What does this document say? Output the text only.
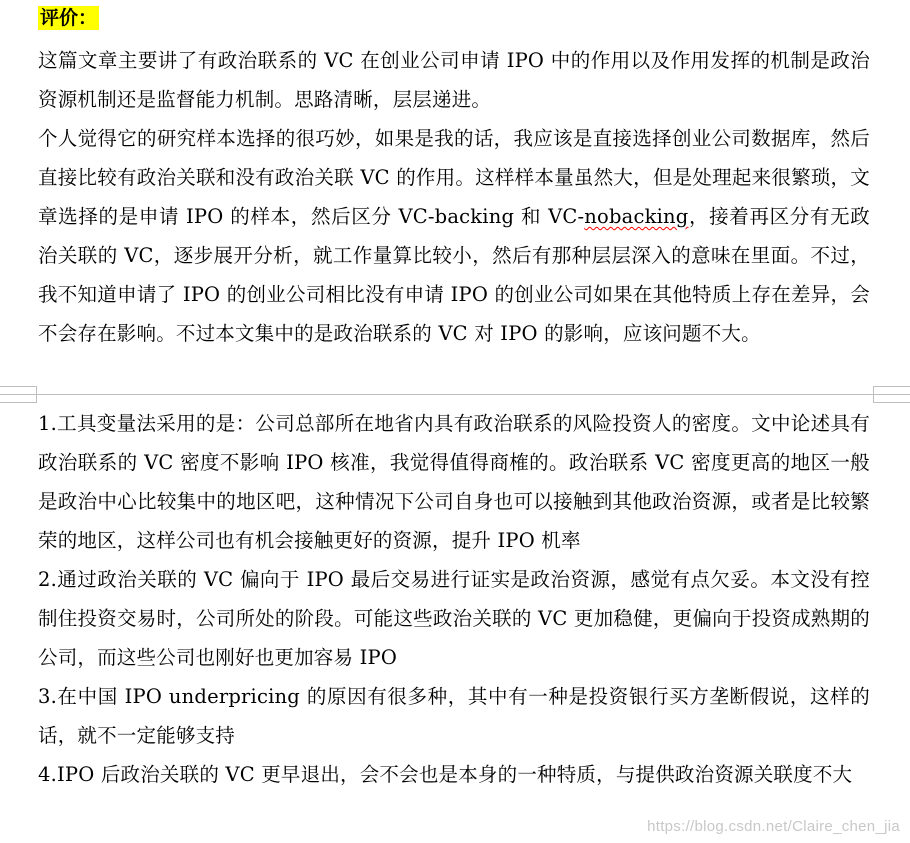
评价：

这篇文章主要讲了有政治联系的 VC 在创业公司申请 IPO 中的作用以及作用发挥的机制是政治资源机制还是监督能力机制。思路清晰，层层递进。

个人觉得它的研究样本选择的很巧妙，如果是我的话，我应该是直接选择创业公司数据库，然后直接比较有政治关联和没有政治关联 VC 的作用。这样样本量虽然大，但是处理起来很繁琐，文章选择的是申请 IPO 的样本，然后区分 VC-backing 和 VC-nobacking，接着再区分有无政治关联的 VC，逐步展开分析，就工作量算比较小，然后有那种层层深入的意味在里面。不过，我不知道申请了 IPO 的创业公司相比没有申请 IPO 的创业公司如果在其他特质上存在差异，会不会存在影响。不过本文集中的是政治联系的 VC 对 IPO 的影响，应该问题不大。

1.工具变量法采用的是：公司总部所在地省内具有政治联系的风险投资人的密度。文中论述具有政治联系的 VC 密度不影响 IPO 核准，我觉得值得商榷的。政治联系 VC 密度更高的地区一般是政治中心比较集中的地区吧，这种情况下公司自身也可以接触到其他政治资源，或者是比较繁荣的地区，这样公司也有机会接触更好的资源，提升 IPO 机率

2.通过政治关联的 VC 偏向于 IPO 最后交易进行证实是政治资源，感觉有点欠妥。本文没有控制住投资交易时，公司所处的阶段。可能这些政治关联的 VC 更加稳健，更偏向于投资成熟期的公司，而这些公司也刚好也更加容易 IPO

3.在中国 IPO underpricing 的原因有很多种，其中有一种是投资银行买方垄断假说，这样的话，就不一定能够支持

4.IPO 后政治关联的 VC 更早退出，会不会也是本身的一种特质，与提供政治资源关联度不大

https://blog.csdn.net/Claire_chen_jia
